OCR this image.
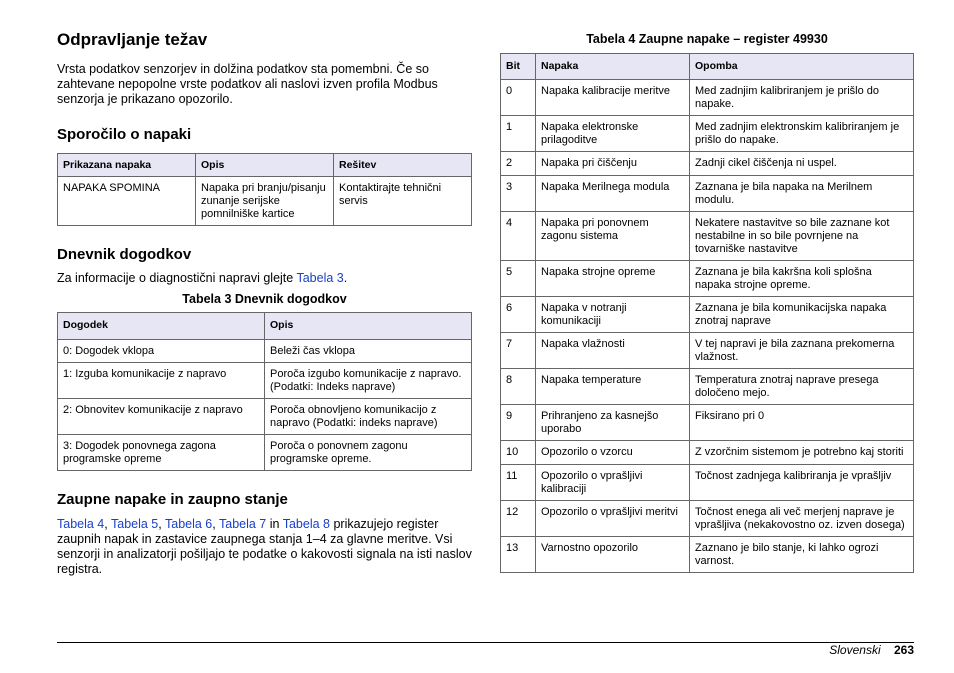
Odpravljanje težav

Vrsta podatkov senzorjev in dolžina podatkov sta pomembni. Če so zahtevane nepopolne vrste podatkov ali naslovi izven profila Modbus senzorja je prikazano opozorilo.

Sporočilo o napaki
Prikazana napaka	Opis	Rešitev
NAPAKA SPOMINA	Napaka pri branju/pisanju zunanje serijske pomnilniške kartice	Kontaktirajte tehnični servis
Dnevnik dogodkov

Za informacije o diagnostični napravi glejte Tabela 3.

Tabela 3 Dnevnik dogodkov
Dogodek	Opis
0: Dogodek vklopa	Beleži čas vklopa
1: Izguba komunikacije z napravo	Poroča izgubo komunikacije z napravo. (Podatki: Indeks naprave)
2: Obnovitev komunikacije z napravo	Poroča obnovljeno komunikacijo z napravo (Podatki: indeks naprave)
3: Dogodek ponovnega zagona programske opreme	Poroča o ponovnem zagonu programske opreme.
Zaupne napake in zaupno stanje

Tabela 4, Tabela 5, Tabela 6, Tabela 7 in Tabela 8 prikazujejo register zaupnih napak in zastavice zaupnega stanja 1–4 za glavne meritve. Vsi senzorji in analizatorji pošiljajo te podatke o kakovosti signala na isti naslov registra.

Tabela 4 Zaupne napake – register 49930
Bit	Napaka	Opomba
0	Napaka kalibracije meritve	Med zadnjim kalibriranjem je prišlo do napake.
1	Napaka elektronske prilagoditve	Med zadnjim elektronskim kalibriranjem je prišlo do napake.
2	Napaka pri čiščenju	Zadnji cikel čiščenja ni uspel.
3	Napaka Merilnega modula	Zaznana je bila napaka na Merilnem modulu.
4	Napaka pri ponovnem zagonu sistema	Nekatere nastavitve so bile zaznane kot nestabilne in so bile povrnjene na tovarniške nastavitve
5	Napaka strojne opreme	Zaznana je bila kakršna koli splošna napaka strojne opreme.
6	Napaka v notranji komunikaciji	Zaznana je bila komunikacijska napaka znotraj naprave
7	Napaka vlažnosti	V tej napravi je bila zaznana prekomerna vlažnost.
8	Napaka temperature	Temperatura znotraj naprave presega določeno mejo.
9	Prihranjeno za kasnejšo uporabo	Fiksirano pri 0
10	Opozorilo o vzorcu	Z vzorčnim sistemom je potrebno kaj storiti
11	Opozorilo o vprašljivi kalibraciji	Točnost zadnjega kalibriranja je vprašljiv
12	Opozorilo o vprašljivi meritvi	Točnost enega ali več merjenj naprave je vprašljiva (nekakovostno oz. izven dosega)
13	Varnostno opozorilo	Zaznano je bilo stanje, ki lahko ogrozi varnost.
Slovenski 263
